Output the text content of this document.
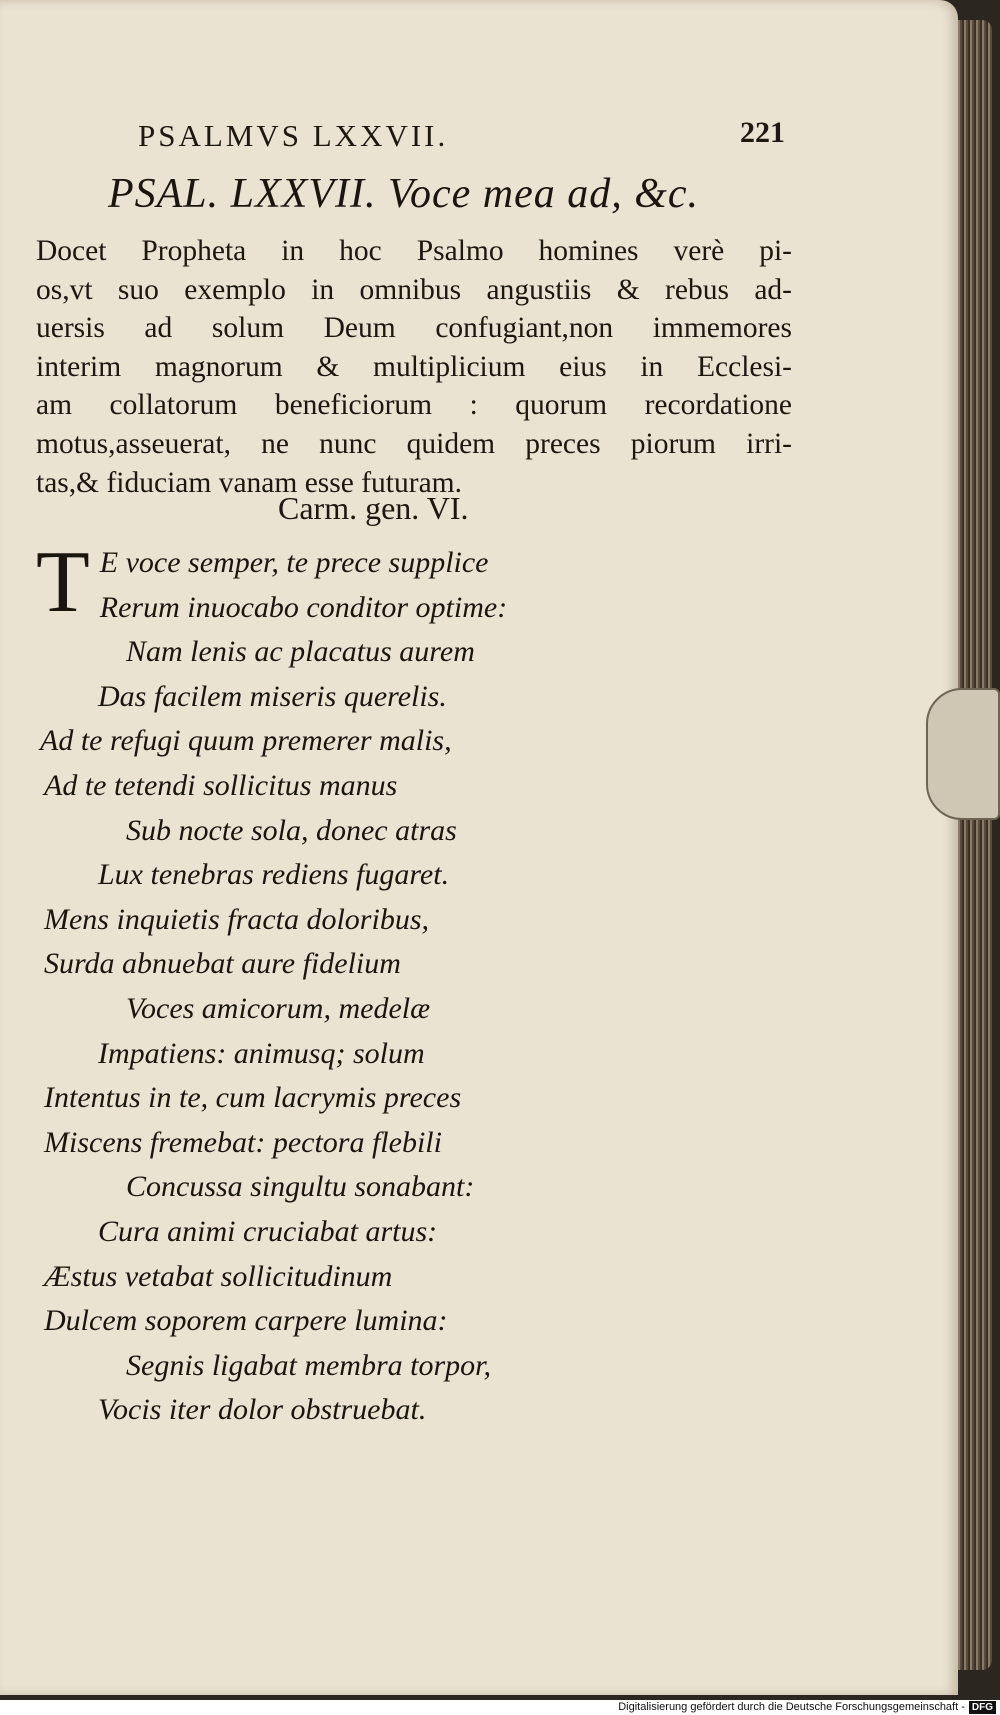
PSALMVS LXXVII.	221
PSAL. LXXVII. Voce mea ad, &c.
Docet Propheta in hoc Psalmo homines verè pi-
os,vt suo exemplo in omnibus angustiis & rebus ad-
uersis ad solum Deum confugiant,non immemores
interim magnorum & multiplicium eius in Ecclesi-
am collatorum beneficiorum : quorum recordatione
motus,asseuerat, ne nunc quidem preces piorum irri-
tas,& fiduciam vanam esse futuram.
Carm. gen. VI.
T E voce semper, te prece supplice
Rerum inuocabo conditor optime:
Nam lenis ac placatus aurem
Das facilem miseris querelis.
Ad te refugi quum premerer malis,
Ad te tetendi sollicitus manus
Sub nocte sola, donec atras
Lux tenebras rediens fugaret.
Mens inquietis fracta doloribus,
Surda abnuebat aure fidelium
Voces amicorum, medelæ
Impatiens: animusq; solum
Intentus in te, cum lacrymis preces
Miscens fremebat: pectora flebili
Concussa singultu sonabant:
Cura animi cruciabat artus:
Æstus vetabat sollicitudinum
Dulcem soporem carpere lumina:
Segnis ligabat membra torpor,
Vocis iter dolor obstruebat.
Digitalisierung gefördert durch die Deutsche Forschungsgemeinschaft - DFG
